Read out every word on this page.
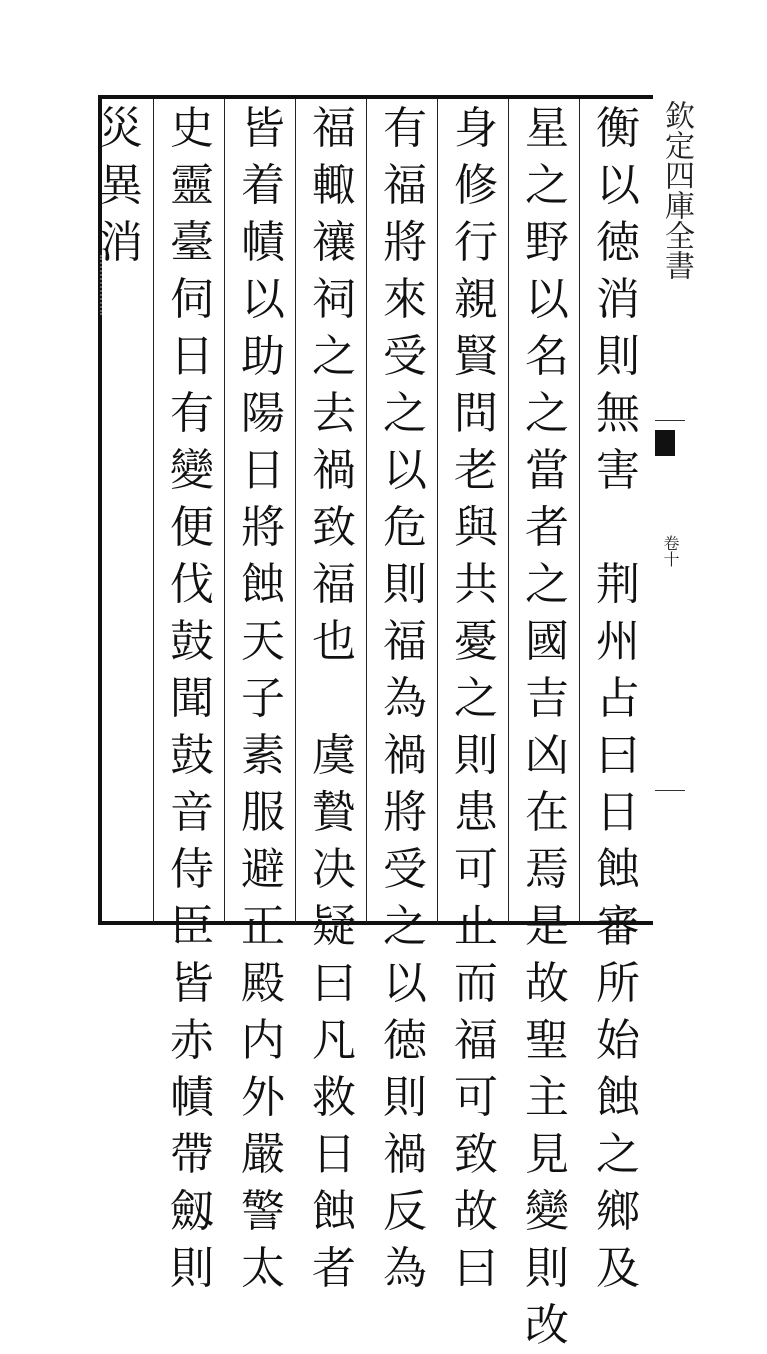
欽定四庫全書
卷十
衡
以
徳
消
則
無
害
荆
州
占
曰
日
蝕
審
所
始
蝕
之
鄉
及
星
之
野
以
名
之
當
者
之
國
吉
凶
在
焉
是
故
聖
主
見
變
則
改
身
修
行
親
賢
問
老
與
共
憂
之
則
患
可
止
而
福
可
致
故
曰
有
福
將
來
受
之
以
危
則
福
為
禍
將
受
之
以
徳
則
禍
反
為
福
輙
禳
祠
之
去
禍
致
福
也
虞
贄
决
疑
曰
凡
救
日
蝕
者
皆
着
幘
以
助
陽
日
將
蝕
天
子
素
服
避
正
殿
内
外
嚴
警
太
史
靈
臺
伺
日
有
變
便
伐
鼓
聞
鼓
音
侍
臣
皆
赤
幘
帶
劔
則
災
異
消
